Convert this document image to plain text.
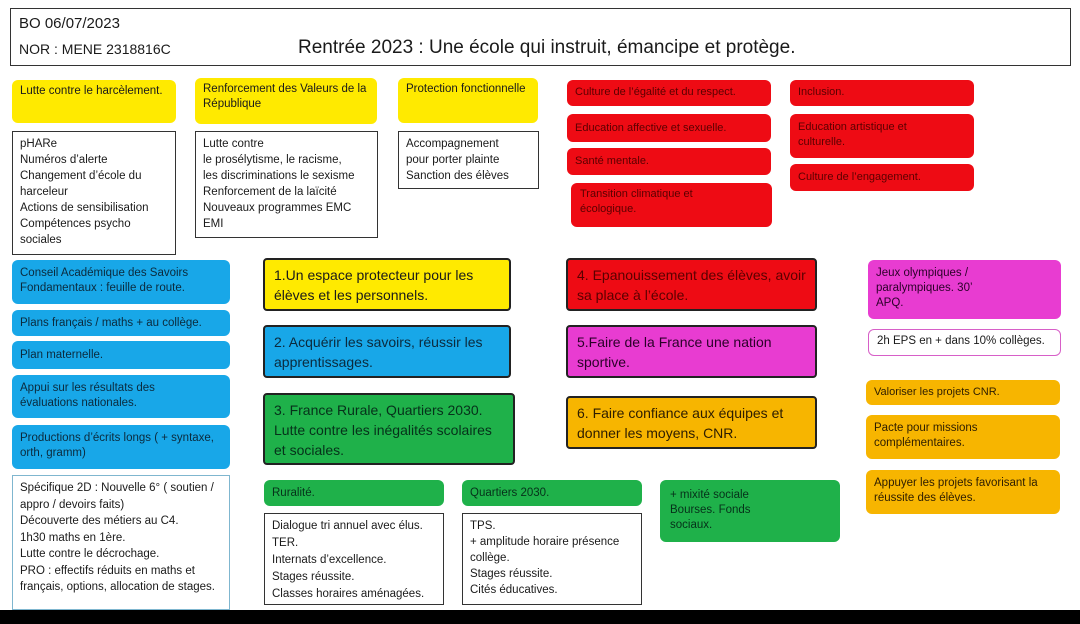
BO 06/07/2023
NOR : MENE 2318816C	Rentrée 2023 : Une école qui instruit, émancipe et protège.
Lutte contre le harcèlement.	Renforcement des Valeurs de la République
Protection fonctionnelle
pHARe
Numéros d’alerte
Changement d’école du harceleur
Actions de sensibilisation
Compétences psycho sociales
Lutte contre
le prosélytisme, le racisme,
les discriminations le sexisme
Renforcement de la laïcité
Nouveaux programmes EMC
EMI
Accompagnement
pour porter plainte
Sanction des élèves
Culture de l’égalité et du respect.
Education affective et sexuelle.
Santé mentale.
Transition climatique et écologique.
Inclusion.
Education artistique et culturelle.
Culture de l’engagement.
Conseil Académique des Savoirs Fondamentaux : feuille de route.
Plans français / maths + au collège.
Plan maternelle.
Appui sur les résultats des évaluations nationales.
Productions d’écrits longs ( + syntaxe, orth, gramm)
Spécifique 2D : Nouvelle 6° ( soutien / appro / devoirs faits)
Découverte des métiers au C4.
1h30 maths en 1ère.
Lutte contre le décrochage.
PRO : effectifs réduits en maths et français, options, allocation de stages.
1.Un espace protecteur pour les élèves et les personnels.
2. Acquérir les savoirs, réussir les apprentissages.
3. France Rurale, Quartiers 2030. Lutte contre les inégalités scolaires et sociales.
4. Epanouissement des élèves, avoir sa place à l’école.
5.Faire de la France une nation sportive.
6. Faire confiance aux équipes et donner les moyens, CNR.
Ruralité.	Quartiers 2030.	+ mixité sociale Bourses. Fonds sociaux.
Dialogue tri annuel avec élus.
TER.
Internats d’excellence.
Stages réussite.
Classes horaires aménagées.
TPS.
+ amplitude horaire présence collège.
Stages réussite.
Cités éducatives.
Jeux olympiques / paralympiques. 30’ APQ.
2h EPS en + dans 10% collèges.
Valoriser les projets CNR.
Pacte pour missions complémentaires.
Appuyer les projets favorisant la réussite des élèves.
